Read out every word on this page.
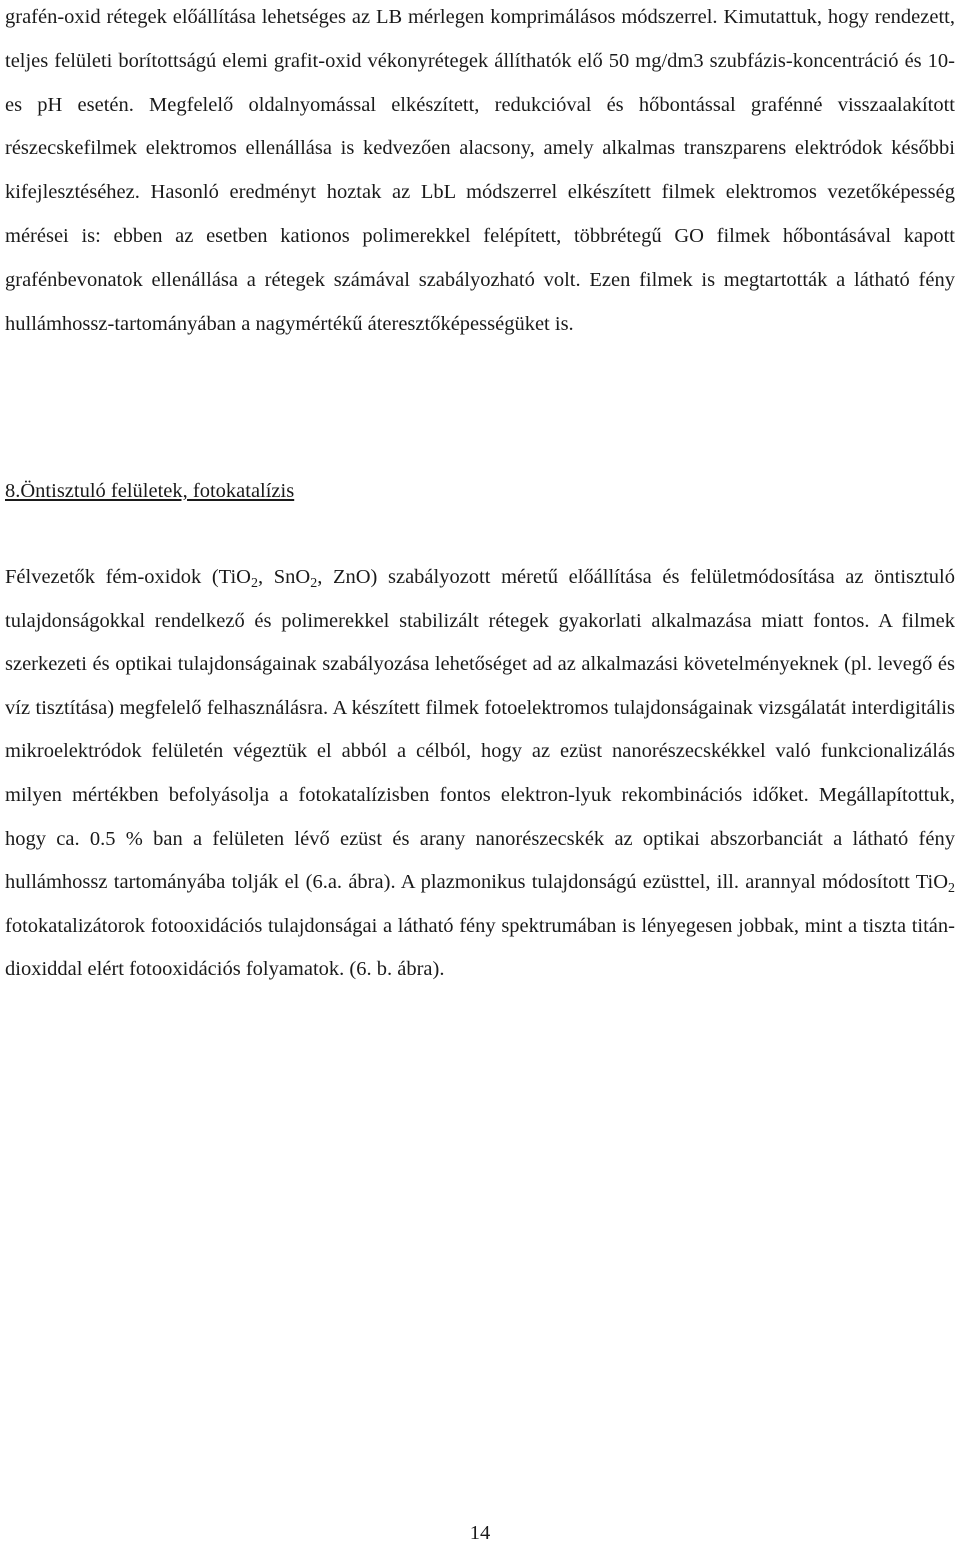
grafén-oxid rétegek előállítása lehetséges az LB mérlegen komprimálásos módszerrel. Kimutattuk, hogy rendezett, teljes felületi borítottságú elemi grafit-oxid vékonyrétegek állíthatók elő 50 mg/dm3 szubfázis-koncentráció és 10-es pH esetén. Megfelelő oldalnyomással elkészített, redukcióval és hőbontással grafénné visszaalakított részecskefilmek elektromos ellenállása is kedvezően alacsony, amely alkalmas transzparens elektródok későbbi kifejlesztéséhez. Hasonló eredményt hoztak az LbL módszerrel elkészített filmek elektromos vezetőképesség mérései is: ebben az esetben kationos polimerekkel felépített, többrétegű GO filmek hőbontásával kapott grafénbevonatok ellenállása a rétegek számával szabályozható volt. Ezen filmek is megtartották a látható fény hullámhossz-tartományában a nagymértékű áteresztőképességüket is.

8.Öntisztuló felületek, fotokatalízis

Félvezetők fém-oxidok (TiO$_2$, SnO$_2$, ZnO) szabályozott méretű előállítása és felületmódosítása az öntisztuló tulajdonságokkal rendelkező és polimerekkel stabilizált rétegek gyakorlati alkalmazása miatt fontos. A filmek szerkezeti és optikai tulajdonságainak szabályozása lehetőséget ad az alkalmazási követelményeknek (pl. levegő és víz tisztítása) megfelelő felhasználásra. A készített filmek fotoelektromos tulajdonságainak vizsgálatát interdigitális mikroelektródok felületén végeztük el abból a célból, hogy az ezüst nanorészecskékkel való funkcionalizálás milyen mértékben befolyásolja a fotokatalízisben fontos elektron-lyuk rekombinációs időket. Megállapítottuk, hogy ca. 0.5 % ban a felületen lévő ezüst és arany nanorészecskék az optikai abszorbanciát a látható fény hullámhossz tartományába tolják el (6.a. ábra). A plazmonikus tulajdonságú ezüsttel, ill. arannyal módosított TiO$_2$ fotokatalizátorok fotooxidációs tulajdonságai a látható fény spektrumában is lényegesen jobbak, mint a tiszta titán-dioxiddal elért fotooxidációs folyamatok. (6. b. ábra).

14
